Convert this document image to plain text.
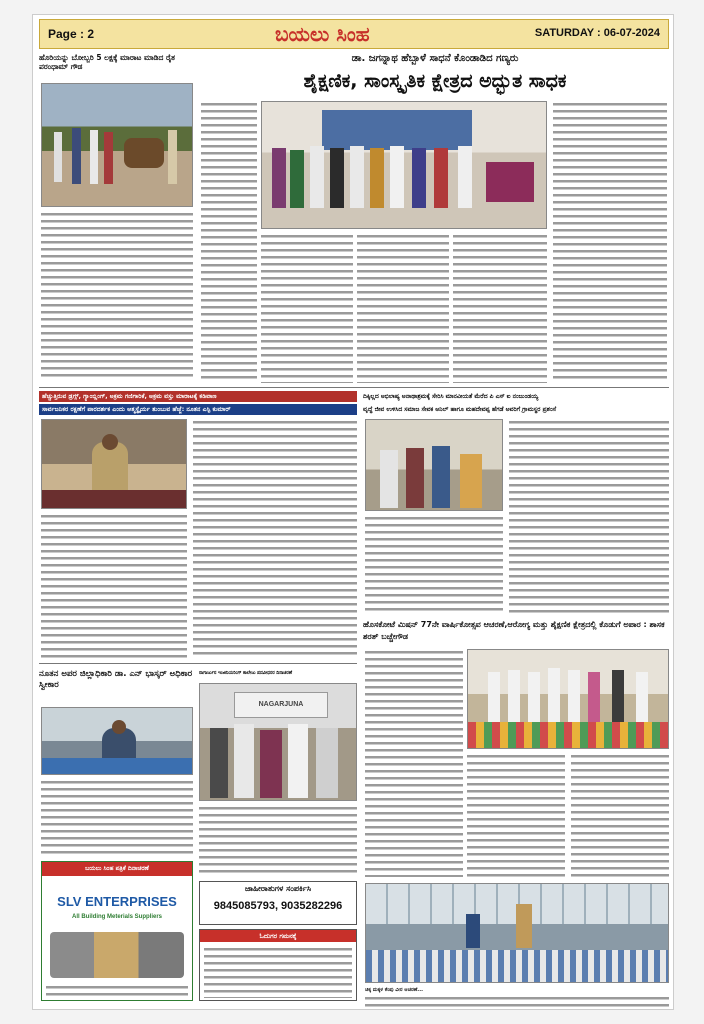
Page : 2	ಬಯಲು ಸಿಂಹ	SATURDAY : 06-07-2024
ಹೊರಿಯನ್ನು ಬೋಬ್ಬರಿ 5 ಲಕ್ಷಕ್ಕೆ ಮಾರಾಟ ಮಾಡಿದ ರೈತ ಪರಂಧಾಮ್ ಗೌಡ
ಡಾ. ಜಗನ್ನಾಥ ಹೆಬ್ಬಾಳೆ ಸಾಧನೆ ಕೊಂಡಾಡಿದ ಗಣ್ಯರು
ಶೈಕ್ಷಣಿಕ, ಸಾಂಸ್ಕೃತಿಕ ಕ್ಷೇತ್ರದ ಅದ್ಭುತ ಸಾಧಕ
ಹೆಚ್ಚುತ್ತಿರುವ ಡ್ರಗ್ಸ್, ಗ್ಯಾಂಬ್ಲಿಂಗ್, ಅಕ್ರಮ ಗಣಿಗಾರಿಕೆ, ಅಕ್ರಮ ವಸ್ತು ಮಾರಾಟಕ್ಕೆ ಕಡಿವಾಣ
ಸಾರ್ವಜನಿಕರ ರಕ್ಷಣೆಗೆ ಪಾರದರ್ಶಕ ಎಂದು ಆತ್ಮಸ್ಥೈರ್ಯ ತುಂಬುವ ಹೆಜ್ಜೆ: ನೂತನ ಎಸ್ಪಿ ಕುಮಾರ್
ದಿಕ್ಕಿಲ್ಲದ ಅಭಿಲಾಷ್ಯ ಅನಾಥಾಶ್ರಮಕ್ಕೆ ಸೇರಿಸಿ ಮಾನವೀಯತೆ ಮೆರೆದ ಪಿ ಎಸ್ ಐ ನಂಜುಂಡಯ್ಯ
ವೃದ್ಧೆ ಜೀವ ಉಳಿಸಿದ ಸಮಾಜ ಸೇವಕ ಅನಿಲ್ ಹಾಗೂ ಮಹದೇವಪ್ಪ ಹೆಗಡೆ ಅವರಿಗೆ ಗ್ರಾಮಸ್ಥರ ಪ್ರಶಂಸೆ
ಹೊಸಕೋಟೆ ಮಿಷನ್ 77ನೇ ವಾರ್ಷಿಕೋತ್ಸವ ಆಚರಣೆ,ಆರೋಗ್ಯ ಮತ್ತು ಶೈಕ್ಷಣಿಕ ಕ್ಷೇತ್ರದಲ್ಲಿ ಕೊಡುಗೆ ಅಪಾರ : ಶಾಸಕ ಶರತ್ ಬಚ್ಚೇಗೌಡ
ನೂತನ ಅಪರ ಜಿಲ್ಲಾಧಿಕಾರಿ ಡಾ. ಎನ್ ಭಾಸ್ಕರ್ ಅಧಿಕಾರ ಸ್ವೀಕಾರ
ನಾಗಾರ್ಜುನ ಇಂಜಿನಿಯರಿಂಗ್ ಕಾಲೇಜು ಪದವೀಧರರ ದಿನಾಚರಣೆ
NAGARJUNA
ಬಯಲು ಸಿಂಹ ಪತ್ರಿಕೆ ದಿನಾಚರಣೆ
SLV ENTERPRISES
All Building Meterials Suppliers
ಜಾಹೀರಾತುಗಳ ಸಂಪರ್ಕಿಸಿ
9845085793, 9035282296
ಓದುಗರ ಗಮನಕ್ಕೆ
ಚಿಕ್ಕ ಮಕ್ಕಳ ಕೆಂಪು ವೀರ ಆಚರಣೆ...
